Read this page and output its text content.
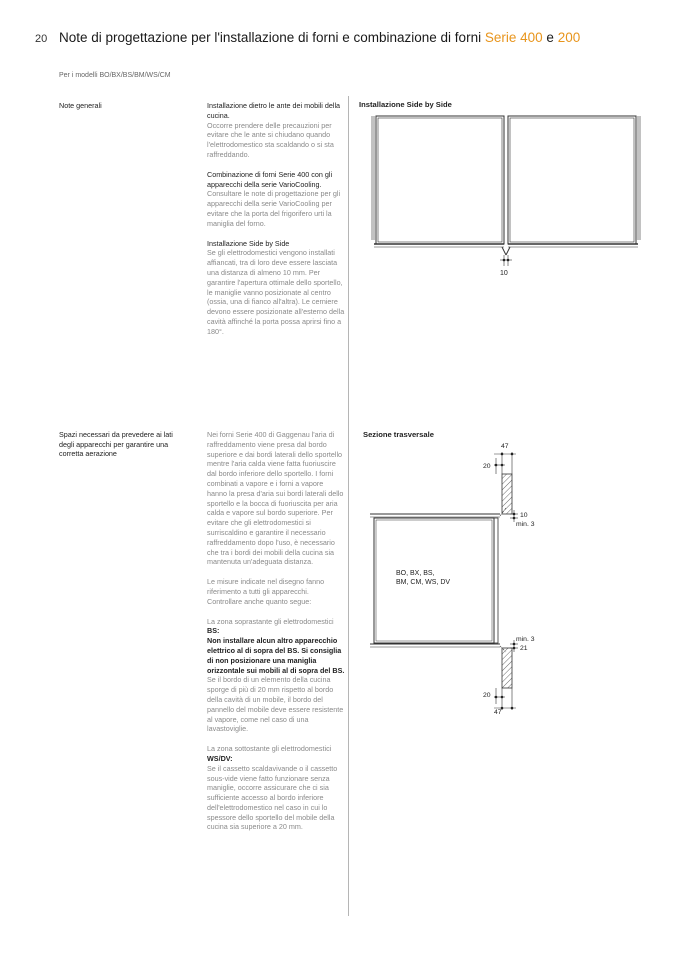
20 Note di progettazione per l'installazione di forni e combinazione di forni Serie 400 e 200
Per i modelli BO/BX/BS/BM/WS/CM
Note generali	Installazione dietro le ante dei mobili della cucina.
Occorre prendere delle precauzioni per evitare che le ante si chiudano quando l'elettrodomestico sta scaldando o si sta raffreddando.

Combinazione di forni Serie 400 con gli apparecchi della serie VarioCooling.
Consultare le note di progettazione per gli apparecchi della serie VarioCooling per evitare che la porta del frigorifero urti la maniglia del forno.

Installazione Side by Side
Se gli elettrodomestici vengono installati affiancati, tra di loro deve essere lasciata una distanza di almeno 10 mm. Per garantire l'apertura ottimale dello sportello, le maniglie vanno posizionate al centro (ossia, una di fianco all'altra). Le cerniere devono essere posizionate all'esterno della cavità affinché la porta possa aprirsi fino a 180°.

Installazione Side by Side
10
Spazi necessari da prevedere ai lati degli apparecchi per garantire una corretta aerazione

Nei forni Serie 400 di Gaggenau l'aria di raffreddamento viene presa dal bordo superiore e dai bordi laterali dello sportello mentre l'aria calda viene fatta fuoriuscire dal bordo inferiore dello sportello. I forni combinati a vapore e i forni a vapore hanno la presa d'aria sui bordi laterali dello sportello e la bocca di fuoriuscita per aria calda e vapore sul bordo superiore. Per evitare che gli elettrodomestici si surriscaldino e garantire il necessario raffreddamento dopo l'uso, è necessario che tra i bordi dei mobili della cucina sia mantenuta un'adeguata distanza.

Le misure indicate nel disegno fanno riferimento a tutti gli apparecchi. Controllare anche quanto segue:

La zona soprastante gli elettrodomestici
BS:
Non installare alcun altro apparecchio elettrico al di sopra del BS. Si consiglia di non posizionare una maniglia orizzontale sui mobili al di sopra del BS.
Se il bordo di un elemento della cucina sporge di più di 20 mm rispetto al bordo della cavità di un mobile, il bordo del pannello del mobile deve essere resistente al vapore, come nel caso di una lavastoviglie.

La zona sottostante gli elettrodomestici
WS/DV:
Se il cassetto scaldavivande o il cassetto sous-vide viene fatto funzionare senza maniglie, occorre assicurare che ci sia sufficiente accesso al bordo inferiore dell'elettrodomestico nel caso in cui lo spessore dello sportello del mobile della cucina sia superiore a 20 mm.

Sezione trasversale
47
20
10
min. 3
min. 3
21
20
47
BO, BX, BS,
BM, CM, WS, DV
